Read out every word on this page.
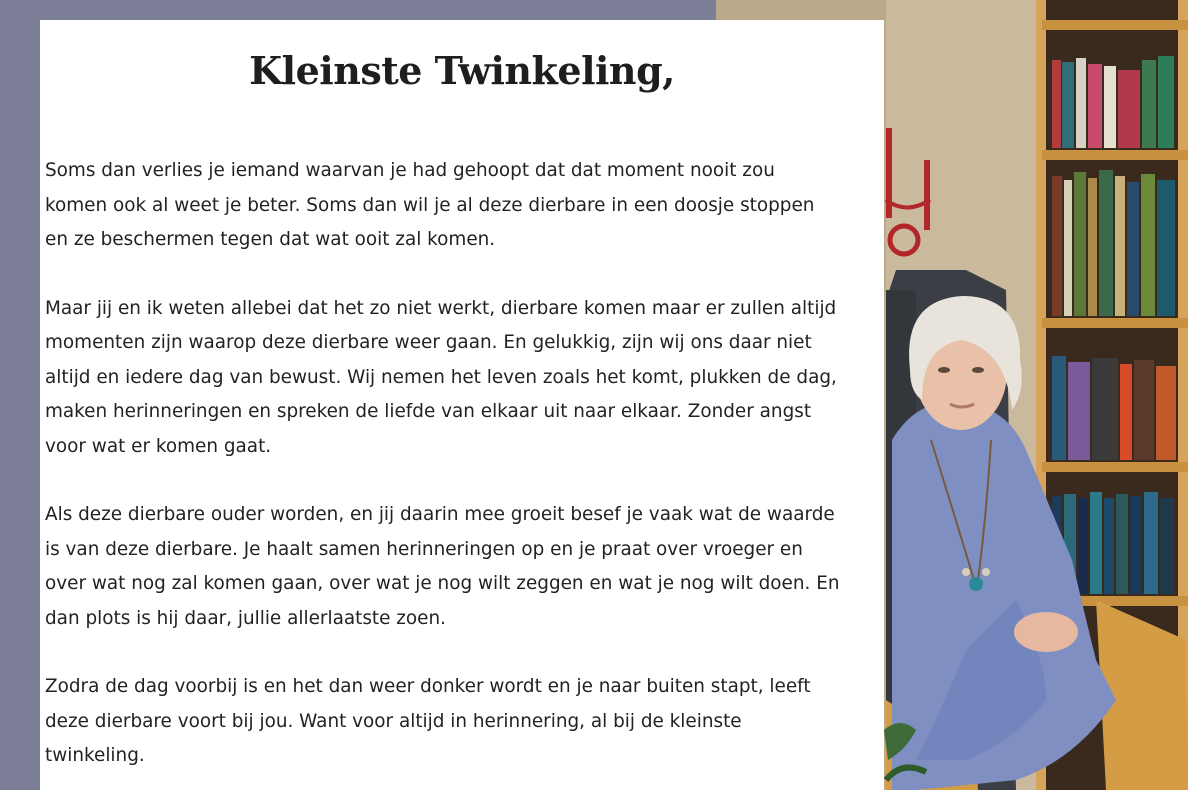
Kleinste Twinkeling,

Soms dan verlies je iemand waarvan je had gehoopt dat dat moment nooit zou
komen ook al weet je beter. Soms dan wil je al deze dierbare in een doosje stoppen
en ze beschermen tegen dat wat ooit zal komen.

Maar jij en ik weten allebei dat het zo niet werkt, dierbare komen maar er zullen altijd
momenten zijn waarop deze dierbare weer gaan. En gelukkig, zijn wij ons daar niet
altijd en iedere dag van bewust. Wij nemen het leven zoals het komt, plukken de dag,
maken herinneringen en spreken de liefde van elkaar uit naar elkaar. Zonder angst
voor wat er komen gaat.

Als deze dierbare ouder worden, en jij daarin mee groeit besef je vaak wat de waarde
is van deze dierbare. Je haalt samen herinneringen op en je praat over vroeger en
over wat nog zal komen gaan, over wat je nog wilt zeggen en wat je nog wilt doen. En
dan plots is hij daar, jullie allerlaatste zoen.

Zodra de dag voorbij is en het dan weer donker wordt en je naar buiten stapt, leeft
deze dierbare voort bij jou. Want voor altijd in herinnering, al bij de kleinste
twinkeling.
